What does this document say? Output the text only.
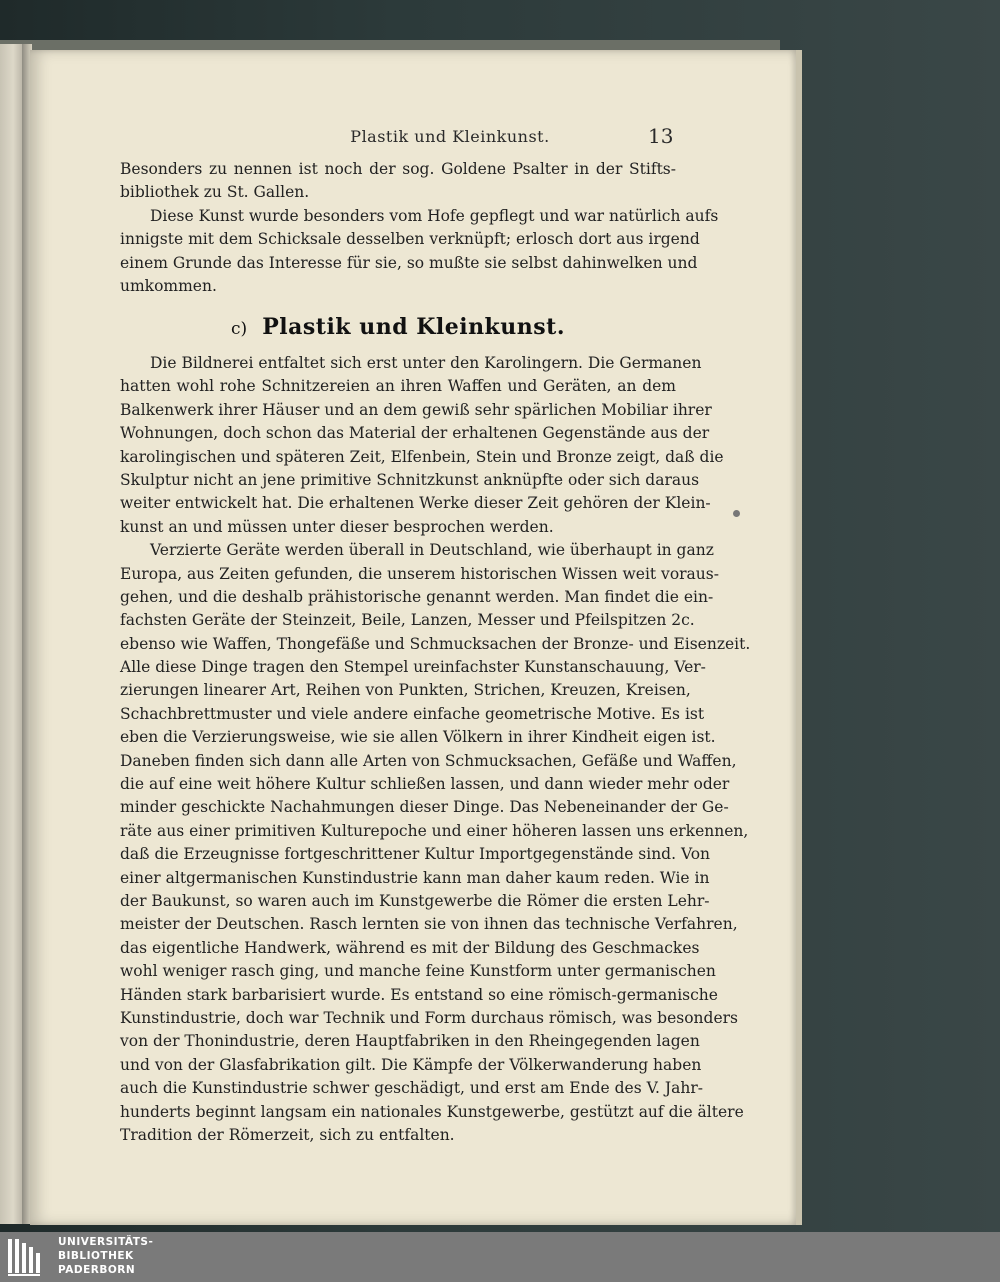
Plastik und Kleinkunst.	13
Besonders zu nennen ist noch der sog. Goldene Psalter in der Stifts-
bibliothek zu St. Gallen.
Diese Kunst wurde besonders vom Hofe gepflegt und war natürlich aufs
innigste mit dem Schicksale desselben verknüpft; erlosch dort aus irgend
einem Grunde das Interesse für sie, so mußte sie selbst dahinwelken und
umkommen.
c) Plastik und Kleinkunst.
Die Bildnerei entfaltet sich erst unter den Karolingern. Die Germanen
hatten wohl rohe Schnitzereien an ihren Waffen und Geräten, an dem
Balkenwerk ihrer Häuser und an dem gewiß sehr spärlichen Mobiliar ihrer
Wohnungen, doch schon das Material der erhaltenen Gegenstände aus der
karolingischen und späteren Zeit, Elfenbein, Stein und Bronze zeigt, daß die
Skulptur nicht an jene primitive Schnitzkunst anknüpfte oder sich daraus
weiter entwickelt hat. Die erhaltenen Werke dieser Zeit gehören der Klein-
kunst an und müssen unter dieser besprochen werden.
Verzierte Geräte werden überall in Deutschland, wie überhaupt in ganz
Europa, aus Zeiten gefunden, die unserem historischen Wissen weit voraus-
gehen, und die deshalb prähistorische genannt werden. Man findet die ein-
fachsten Geräte der Steinzeit, Beile, Lanzen, Messer und Pfeilspitzen 2c.
ebenso wie Waffen, Thongefäße und Schmucksachen der Bronze- und Eisenzeit.
Alle diese Dinge tragen den Stempel ureinfachster Kunstanschauung, Ver-
zierungen linearer Art, Reihen von Punkten, Strichen, Kreuzen, Kreisen,
Schachbrettmuster und viele andere einfache geometrische Motive. Es ist
eben die Verzierungsweise, wie sie allen Völkern in ihrer Kindheit eigen ist.
Daneben finden sich dann alle Arten von Schmucksachen, Gefäße und Waffen,
die auf eine weit höhere Kultur schließen lassen, und dann wieder mehr oder
minder geschickte Nachahmungen dieser Dinge. Das Nebeneinander der Ge-
räte aus einer primitiven Kulturepoche und einer höheren lassen uns erkennen,
daß die Erzeugnisse fortgeschrittener Kultur Importgegenstände sind. Von
einer altgermanischen Kunstindustrie kann man daher kaum reden. Wie in
der Baukunst, so waren auch im Kunstgewerbe die Römer die ersten Lehr-
meister der Deutschen. Rasch lernten sie von ihnen das technische Verfahren,
das eigentliche Handwerk, während es mit der Bildung des Geschmackes
wohl weniger rasch ging, und manche feine Kunstform unter germanischen
Händen stark barbarisiert wurde. Es entstand so eine römisch-germanische
Kunstindustrie, doch war Technik und Form durchaus römisch, was besonders
von der Thonindustrie, deren Hauptfabriken in den Rheingegenden lagen
und von der Glasfabrikation gilt. Die Kämpfe der Völkerwanderung haben
auch die Kunstindustrie schwer geschädigt, und erst am Ende des V. Jahr-
hunderts beginnt langsam ein nationales Kunstgewerbe, gestützt auf die ältere
Tradition der Römerzeit, sich zu entfalten.
UNIVERSITÄTS-
BIBLIOTHEK
PADERBORN
